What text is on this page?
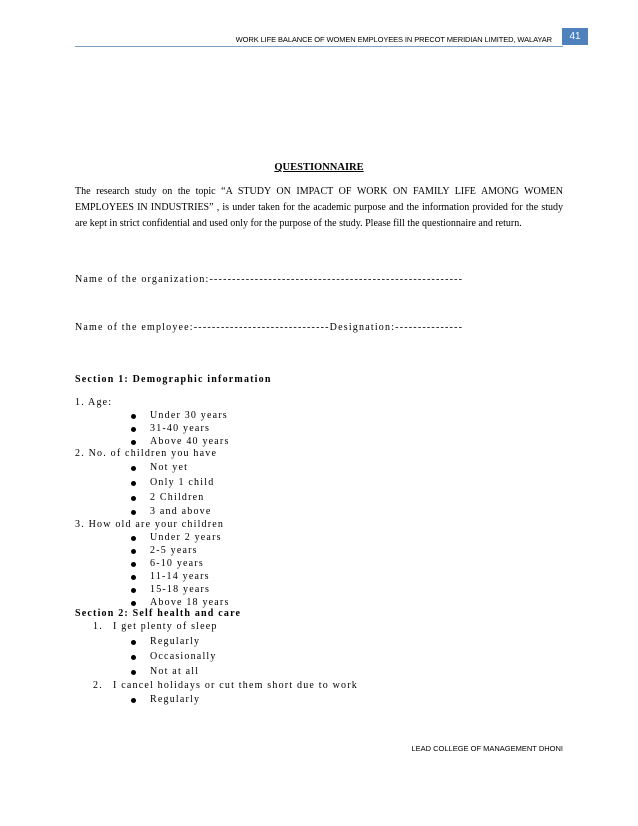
WORK LIFE BALANCE OF WOMEN EMPLOYEES IN PRECOT MERIDIAN LIMITED, WALAYAR	41
QUESTIONNAIRE
The research study on the topic “A STUDY ON IMPACT OF WORK ON FAMILY LIFE AMONG WOMEN EMPLOYEES IN INDUSTRIES” , is under taken for the academic purpose and the information provided for the study are kept in strict confidential and used only for the purpose of the study. Please fill the questionnaire and return.
Name of the organization:--------------------------------------------------------
Name of the employee:------------------------------Designation:---------------
Section 1: Demographic information
1. Age:
Under 30 years
31-40 years
Above 40 years
2. No. of children you have
Not yet
Only 1 child
2 Children
3 and above
3. How old are your children
Under 2 years
2-5 years
6-10 years
11-14 years
15-18 years
Above 18 years
Section 2: Self health and care
1. I get plenty of sleep
Regularly
Occasionally
Not at all
2. I cancel holidays or cut them short due to work
Regularly
LEAD COLLEGE OF MANAGEMENT DHONI
